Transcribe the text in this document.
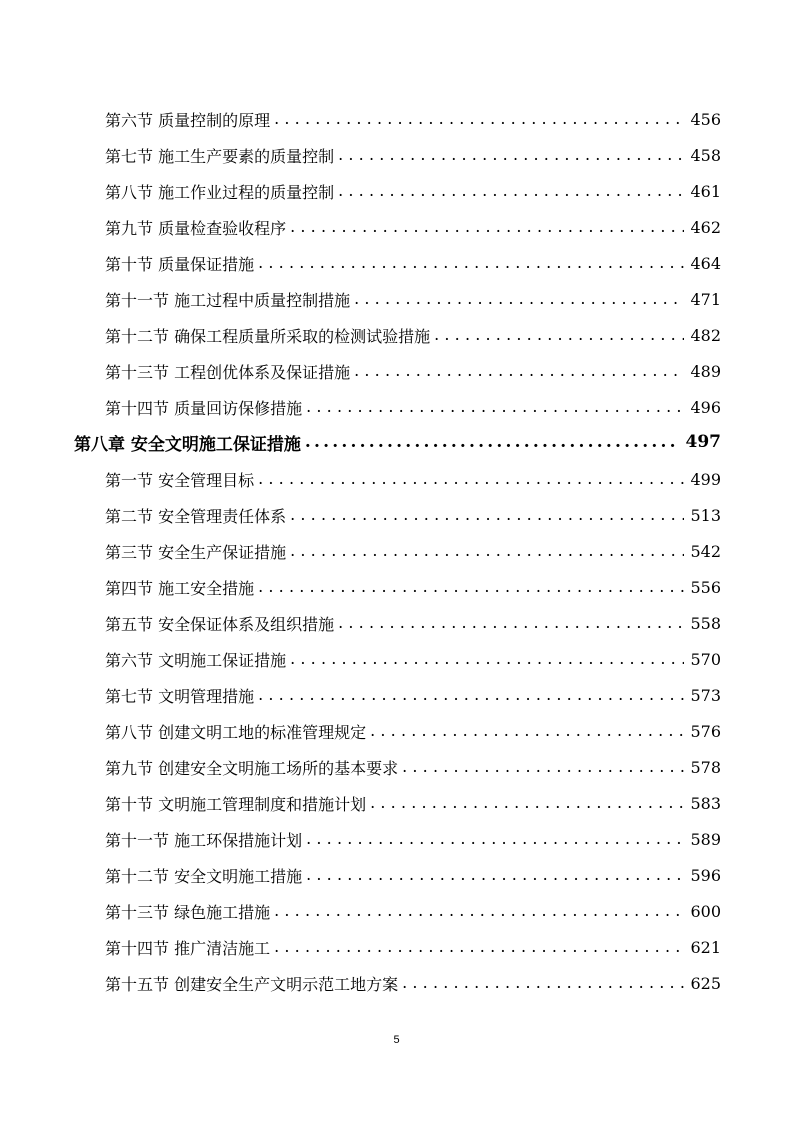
第六节 质量控制的原理 .....	456
第七节 施工生产要素的质量控制 .....	458
第八节 施工作业过程的质量控制 .....	461
第九节 质量检查验收程序 .....	462
第十节 质量保证措施 .....	464
第十一节 施工过程中质量控制措施 .....	471
第十二节 确保工程质量所采取的检测试验措施 .....	482
第十三节 工程创优体系及保证措施 .....	489
第十四节 质量回访保修措施 .....	496
第八章 安全文明施工保证措施 .....	497
第一节 安全管理目标 .....	499
第二节 安全管理责任体系 .....	513
第三节 安全生产保证措施 .....	542
第四节 施工安全措施 .....	556
第五节 安全保证体系及组织措施 .....	558
第六节 文明施工保证措施 .....	570
第七节 文明管理措施 .....	573
第八节 创建文明工地的标准管理规定 .....	576
第九节 创建安全文明施工场所的基本要求 .....	578
第十节 文明施工管理制度和措施计划 .....	583
第十一节 施工环保措施计划 .....	589
第十二节 安全文明施工措施 .....	596
第十三节 绿色施工措施 .....	600
第十四节 推广清洁施工 .....	621
第十五节 创建安全生产文明示范工地方案 .....	625
5
